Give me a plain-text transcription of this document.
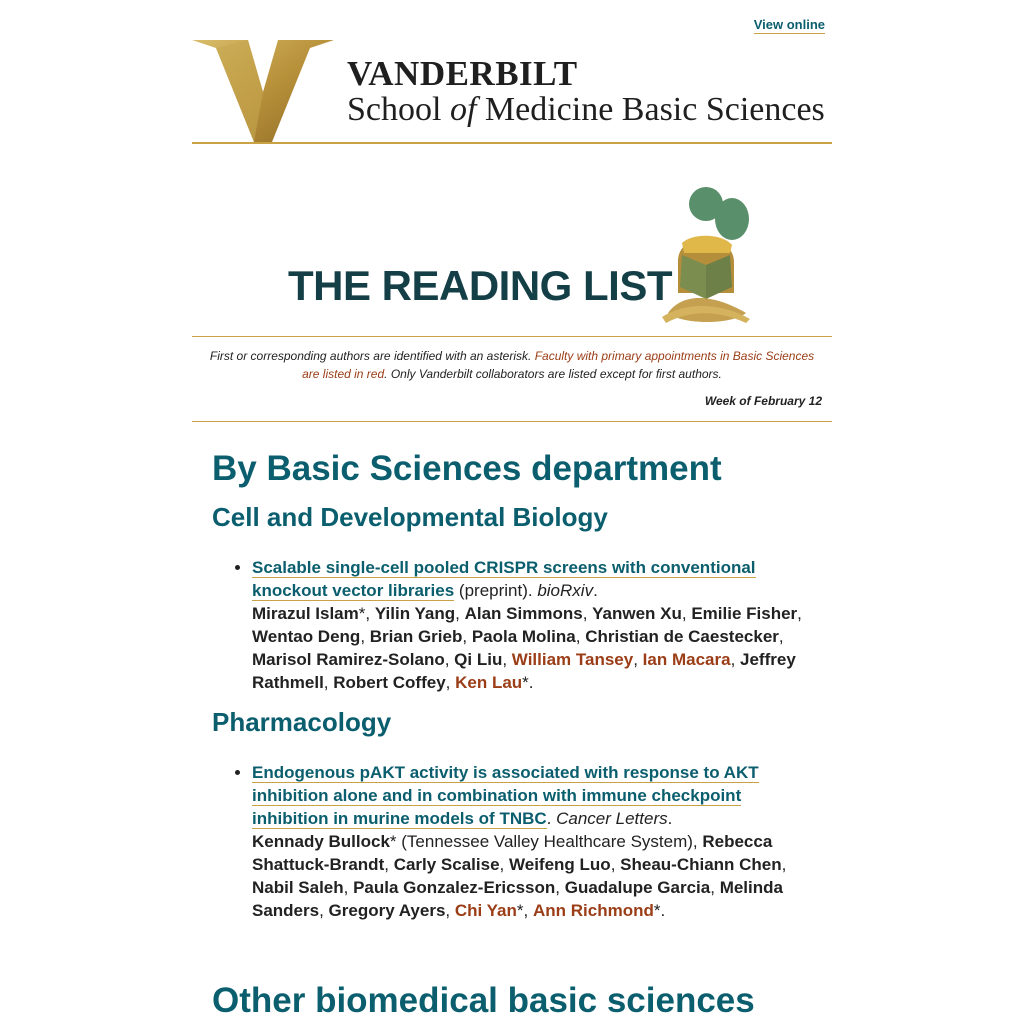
View online
VANDERBILT
School of Medicine Basic Sciences
THE READING LIST
First or corresponding authors are identified with an asterisk. Faculty with primary appointments in Basic Sciences are listed in red. Only Vanderbilt collaborators are listed except for first authors.
Week of February 12
By Basic Sciences department
Cell and Developmental Biology
• Scalable single-cell pooled CRISPR screens with conventional knockout vector libraries (preprint). bioRxiv.
Mirazul Islam*, Yilin Yang, Alan Simmons, Yanwen Xu, Emilie Fisher, Wentao Deng, Brian Grieb, Paola Molina, Christian de Caestecker, Marisol Ramirez-Solano, Qi Liu, William Tansey, Ian Macara, Jeffrey Rathmell, Robert Coffey, Ken Lau*.
Pharmacology
• Endogenous pAKT activity is associated with response to AKT inhibition alone and in combination with immune checkpoint inhibition in murine models of TNBC. Cancer Letters.
Kennady Bullock* (Tennessee Valley Healthcare System), Rebecca Shattuck-Brandt, Carly Scalise, Weifeng Luo, Sheau-Chiann Chen, Nabil Saleh, Paula Gonzalez-Ericsson, Guadalupe Garcia, Melinda Sanders, Gregory Ayers, Chi Yan*, Ann Richmond*.
Other biomedical basic sciences
